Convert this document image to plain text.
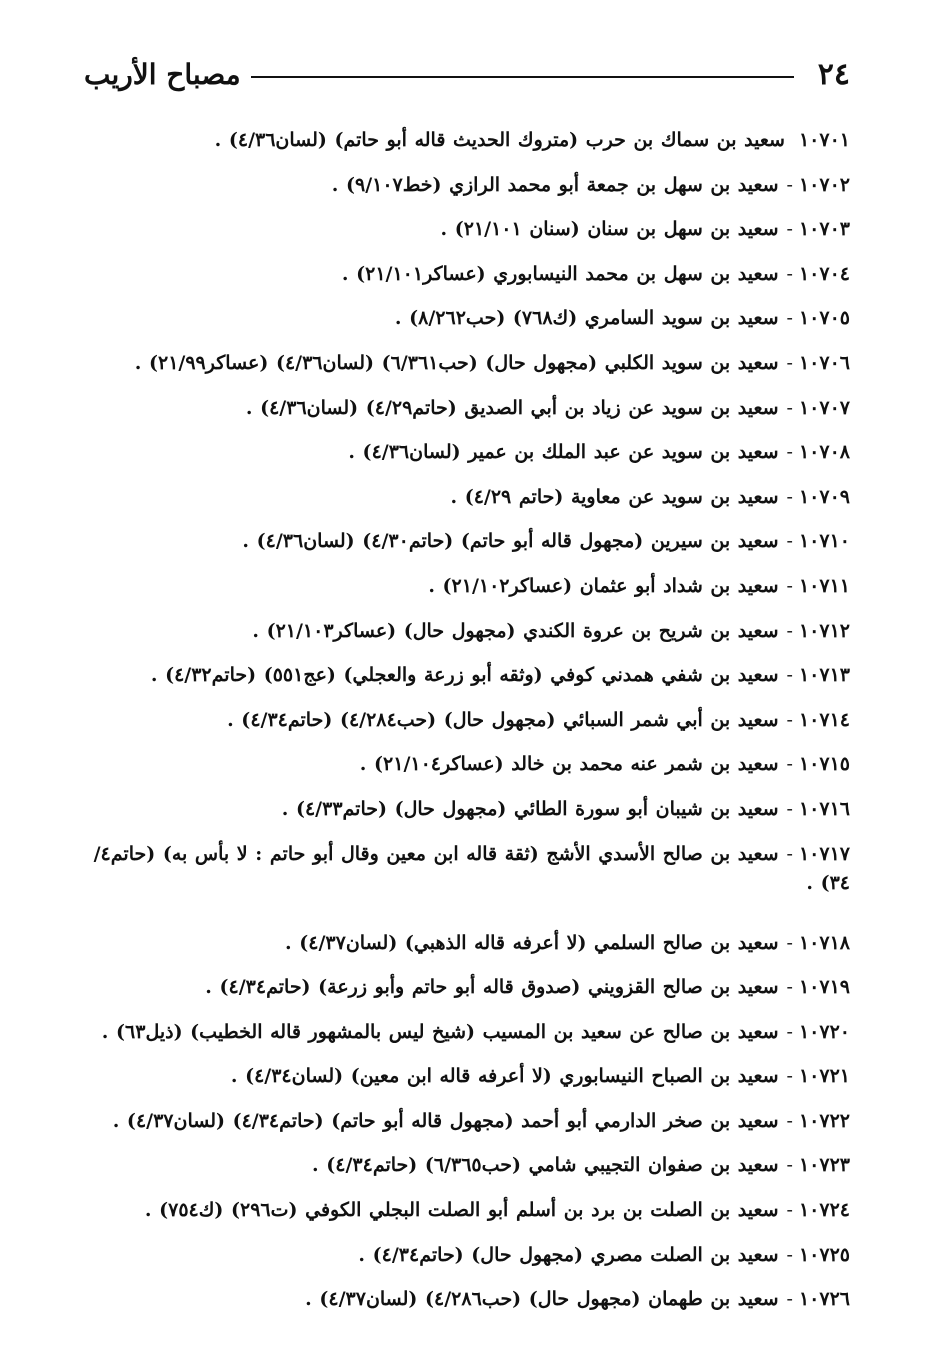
٢٤
مصباح الأريب
١٠٧٠١سعيد بن سماك بن حرب (متروك الحديث قاله أبو حاتم) (لسان٤/٣٦) .
١٠٧٠٢-سعيد بن سهل بن جمعة أبو محمد الرازي (خط٩/١٠٧) .
١٠٧٠٣-سعيد بن سهل بن سنان (سنان ٢١/١٠١) .
١٠٧٠٤-سعيد بن سهل بن محمد النيسابوري (عساكر٢١/١٠١) .
١٠٧٠٥-سعيد بن سويد السامري (ك٧٦٨) (حب٨/٢٦٢) .
١٠٧٠٦-سعيد بن سويد الكلبي (مجهول حال) (حب٦/٣٦١) (لسان٤/٣٦) (عساكر٢١/٩٩) .
١٠٧٠٧-سعيد بن سويد عن زياد بن أبي الصديق (حاتم٤/٢٩) (لسان٤/٣٦) .
١٠٧٠٨-سعيد بن سويد عن عبد الملك بن عمير (لسان٤/٣٦) .
١٠٧٠٩-سعيد بن سويد عن معاوية (حاتم ٤/٢٩) .
١٠٧١٠-سعيد بن سيرين (مجهول قاله أبو حاتم) (حاتم٤/٣٠) (لسان٤/٣٦) .
١٠٧١١-سعيد بن شداد أبو عثمان (عساكر٢١/١٠٢) .
١٠٧١٢-سعيد بن شريح بن عروة الكندي (مجهول حال) (عساكر٢١/١٠٣) .
١٠٧١٣-سعيد بن شفي همدني كوفي (وثقه أبو زرعة والعجلي) (عج٥٥١) (حاتم٤/٣٢) .
١٠٧١٤-سعيد بن أبي شمر السبائي (مجهول حال) (حب٤/٢٨٤) (حاتم٤/٣٤) .
١٠٧١٥-سعيد بن شمر عنه محمد بن خالد (عساكر٢١/١٠٤) .
١٠٧١٦-سعيد بن شيبان أبو سورة الطائي (مجهول حال) (حاتم٤/٣٣) .
١٠٧١٧-سعيد بن صالح الأسدي الأشج (ثقة قاله ابن معين وقال أبو حاتم : لا بأس به) (حاتم٤/ ٣٤) .
١٠٧١٨-سعيد بن صالح السلمي (لا أعرفه قاله الذهبي) (لسان٤/٣٧) .
١٠٧١٩-سعيد بن صالح القزويني (صدوق قاله أبو حاتم وأبو زرعة) (حاتم٤/٣٤) .
١٠٧٢٠-سعيد بن صالح عن سعيد بن المسيب (شيخ ليس بالمشهور قاله الخطيب) (ذيل٦٣) .
١٠٧٢١-سعيد بن الصباح النيسابوري (لا أعرفه قاله ابن معين) (لسان٤/٣٤) .
١٠٧٢٢-سعيد بن صخر الدارمي أبو أحمد (مجهول قاله أبو حاتم) (حاتم٤/٣٤) (لسان٤/٣٧) .
١٠٧٢٣-سعيد بن صفوان التجيبي شامي (حب٦/٣٦٥) (حاتم٤/٣٤) .
١٠٧٢٤-سعيد بن الصلت بن برد بن أسلم أبو الصلت البجلي الكوفي (ت٢٩٦) (ك٧٥٤) .
١٠٧٢٥-سعيد بن الصلت مصري (مجهول حال) (حاتم٤/٣٤) .
١٠٧٢٦-سعيد بن طهمان (مجهول حال) (حب٤/٢٨٦) (لسان٤/٣٧) .
